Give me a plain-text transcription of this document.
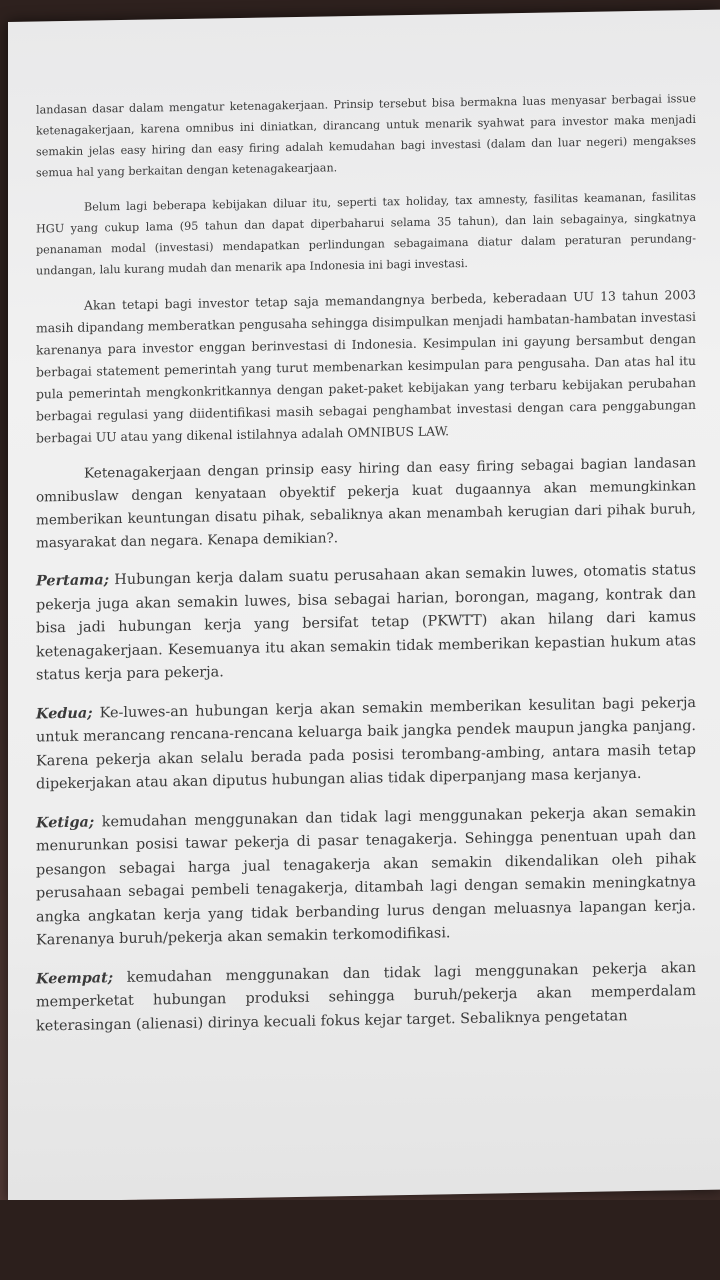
landasan dasar dalam mengatur ketenagakerjaan. Prinsip tersebut bisa bermakna luas menyasar berbagai issue ketenagakerjaan, karena omnibus ini diniatkan, dirancang untuk menarik syahwat para investor maka menjadi semakin jelas easy hiring dan easy firing adalah kemudahan bagi investasi (dalam dan luar negeri) mengakses semua hal yang berkaitan dengan ketenagakearjaan.

Belum lagi beberapa kebijakan diluar itu, seperti tax holiday, tax amnesty, fasilitas keamanan, fasilitas HGU yang cukup lama (95 tahun dan dapat diperbaharui selama 35 tahun), dan lain sebagainya, singkatnya penanaman modal (investasi) mendapatkan perlindungan sebagaimana diatur dalam peraturan perundang-undangan, lalu kurang mudah dan menarik apa Indonesia ini bagi investasi.

Akan tetapi bagi investor tetap saja memandangnya berbeda, keberadaan UU 13 tahun 2003 masih dipandang memberatkan pengusaha sehingga disimpulkan menjadi hambatan-hambatan investasi karenanya para investor enggan berinvestasi di Indonesia. Kesimpulan ini gayung bersambut dengan berbagai statement pemerintah yang turut membenarkan kesimpulan para pengusaha. Dan atas hal itu pula pemerintah mengkonkritkannya dengan paket-paket kebijakan yang terbaru kebijakan perubahan berbagai regulasi yang diidentifikasi masih sebagai penghambat investasi dengan cara penggabungan berbagai UU atau yang dikenal istilahnya adalah OMNIBUS LAW.

Ketenagakerjaan dengan prinsip easy hiring dan easy firing sebagai bagian landasan omnibuslaw dengan kenyataan obyektif pekerja kuat dugaannya akan memungkinkan memberikan keuntungan disatu pihak, sebaliknya akan menambah kerugian dari pihak buruh, masyarakat dan negara. Kenapa demikian?.

Pertama; Hubungan kerja dalam suatu perusahaan akan semakin luwes, otomatis status pekerja juga akan semakin luwes, bisa sebagai harian, borongan, magang, kontrak dan bisa jadi hubungan kerja yang bersifat tetap (PKWTT) akan hilang dari kamus ketenagakerjaan. Kesemuanya itu akan semakin tidak memberikan kepastian hukum atas status kerja para pekerja.

Kedua; Ke-luwes-an hubungan kerja akan semakin memberikan kesulitan bagi pekerja untuk merancang rencana-rencana keluarga baik jangka pendek maupun jangka panjang. Karena pekerja akan selalu berada pada posisi terombang-ambing, antara masih tetap dipekerjakan atau akan diputus hubungan alias tidak diperpanjang masa kerjanya.

Ketiga; kemudahan menggunakan dan tidak lagi menggunakan pekerja akan semakin menurunkan posisi tawar pekerja di pasar tenagakerja. Sehingga penentuan upah dan pesangon sebagai harga jual tenagakerja akan semakin dikendalikan oleh pihak perusahaan sebagai pembeli tenagakerja, ditambah lagi dengan semakin meningkatnya angka angkatan kerja yang tidak berbanding lurus dengan meluasnya lapangan kerja. Karenanya buruh/pekerja akan semakin terkomodifikasi.

Keempat; kemudahan menggunakan dan tidak lagi menggunakan pekerja akan memperketat hubungan produksi sehingga buruh/pekerja akan memperdalam keterasingan (alienasi) dirinya kecuali fokus kejar target. Sebaliknya pengetatan
